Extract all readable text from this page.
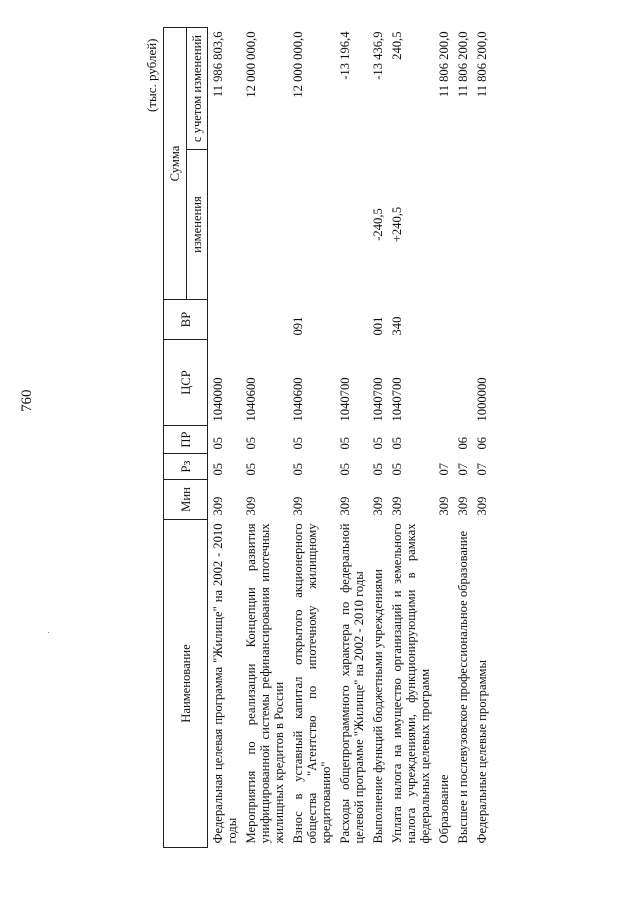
760
(тыс. рублей)
Наименование	Мин	Рз	ПР	ЦСР	ВР	Сумма	
						изменения	с учетом изменений
Федеральная целевая программа "Жилище" на 2002 - 2010 годы	309	05	05	1040000			11 986 803,6
Мероприятия по реализации Концепции развития унифицированной системы рефинансирования ипотечных жилищных кредитов в России	309	05	05	1040600			12 000 000,0
Взнос в уставный капитал открытого акционерного общества "Агентство по ипотечному жилищному кредитованию"	309	05	05	1040600	091		12 000 000,0
Расходы общепрограммного характера по федеральной целевой программе "Жилище" на 2002 - 2010 годы	309	05	05	1040700			-13 196,4
Выполнение функций бюджетными учреждениями	309	05	05	1040700	001	-240,5	-13 436,9
Уплата налога на имущество организаций и земельного налога учреждениями, функционирующими в рамках федеральных целевых программ	309	05	05	1040700	340	+240,5	240,5
Образование	309	07					11 806 200,0
Высшее и послевузовское профессиональное образование	309	07	06				11 806 200,0
Федеральные целевые программы	309	07	06	1000000			11 806 200,0
